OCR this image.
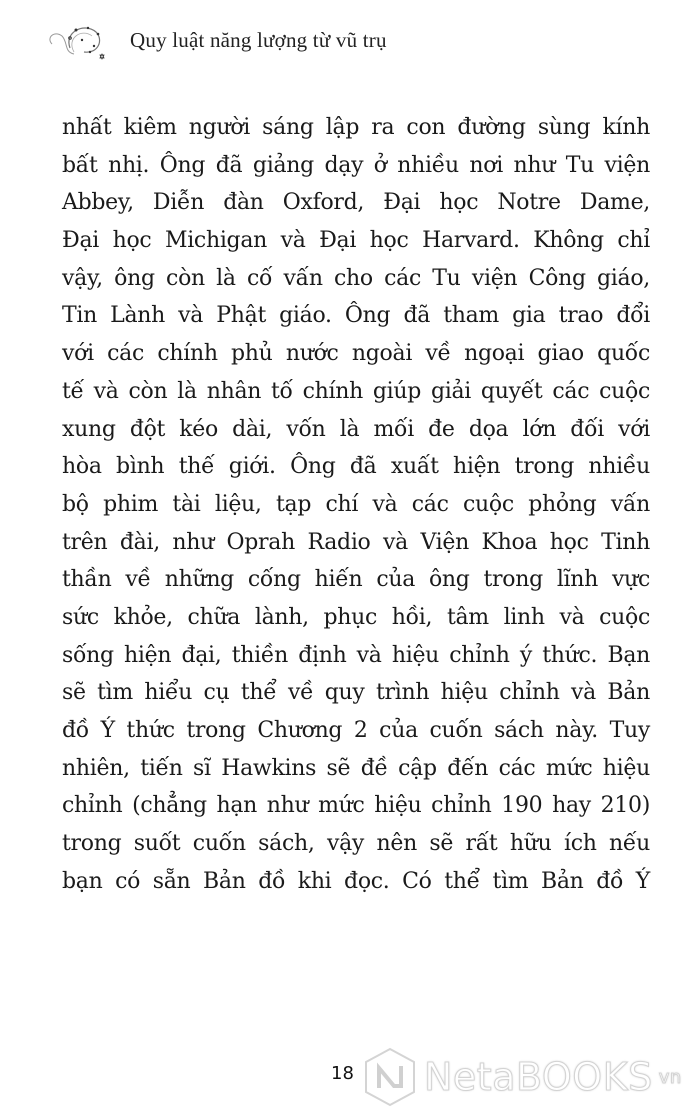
Quy luật năng lượng từ vũ trụ
nhất kiêm người sáng lập ra con đường sùng kính
bất nhị. Ông đã giảng dạy ở nhiều nơi như Tu viện
Abbey, Diễn đàn Oxford, Đại học Notre Dame,
Đại học Michigan và Đại học Harvard. Không chỉ
vậy, ông còn là cố vấn cho các Tu viện Công giáo,
Tin Lành và Phật giáo. Ông đã tham gia trao đổi
với các chính phủ nước ngoài về ngoại giao quốc
tế và còn là nhân tố chính giúp giải quyết các cuộc
xung đột kéo dài, vốn là mối đe dọa lớn đối với
hòa bình thế giới. Ông đã xuất hiện trong nhiều
bộ phim tài liệu, tạp chí và các cuộc phỏng vấn
trên đài, như Oprah Radio và Viện Khoa học Tinh
thần về những cống hiến của ông trong lĩnh vực
sức khỏe, chữa lành, phục hồi, tâm linh và cuộc
sống hiện đại, thiền định và hiệu chỉnh ý thức. Bạn
sẽ tìm hiểu cụ thể về quy trình hiệu chỉnh và Bản
đồ Ý thức trong Chương 2 của cuốn sách này. Tuy
nhiên, tiến sĩ Hawkins sẽ đề cập đến các mức hiệu
chỉnh (chẳng hạn như mức hiệu chỉnh 190 hay 210)
trong suốt cuốn sách, vậy nên sẽ rất hữu ích nếu
bạn có sẵn Bản đồ khi đọc. Có thể tìm Bản đồ Ý
18 NetaBOOKS vn
